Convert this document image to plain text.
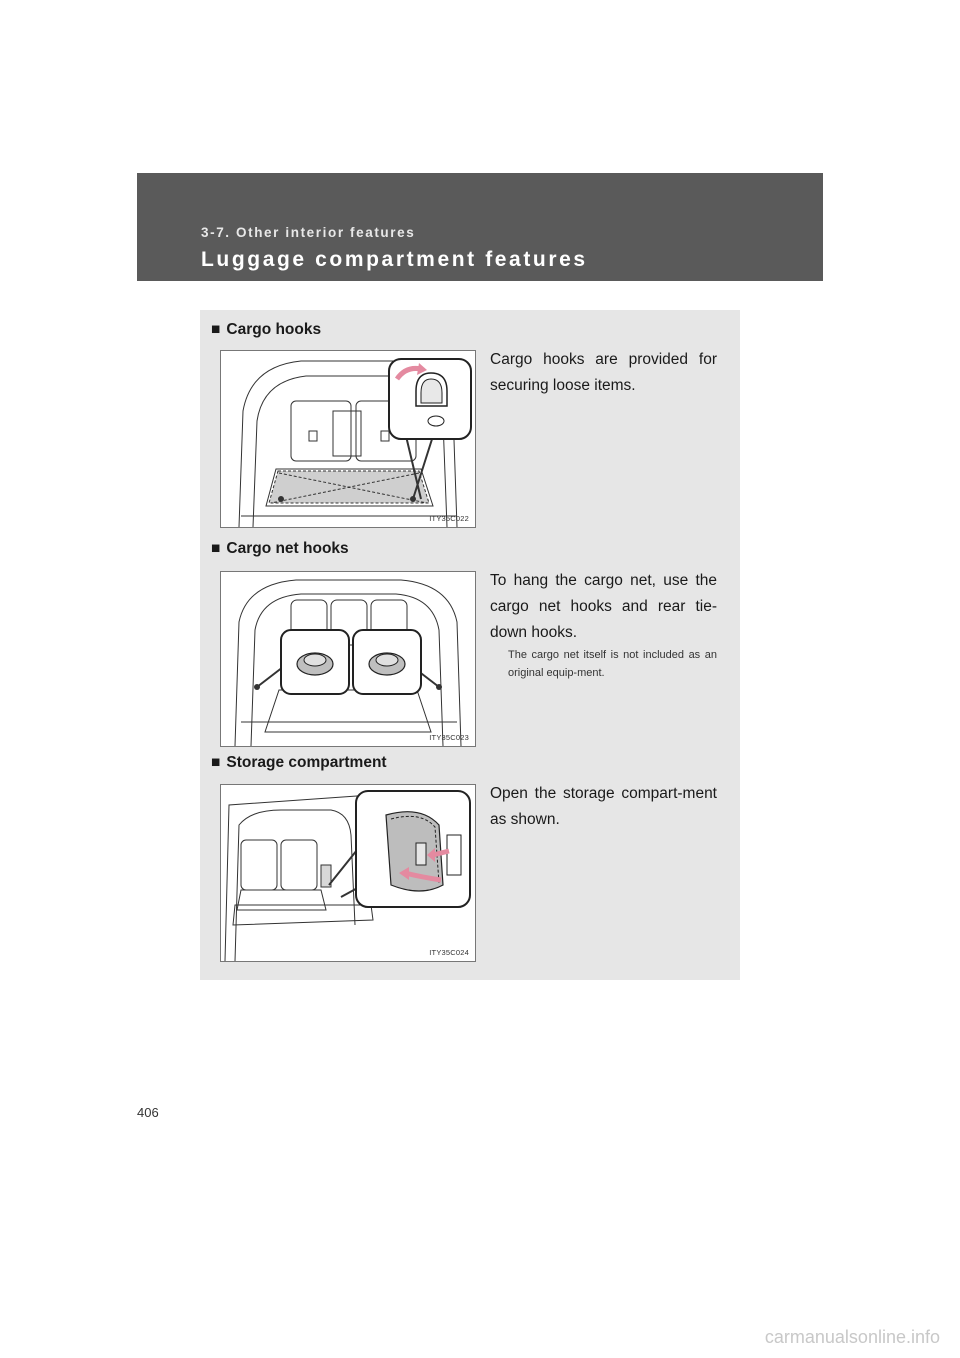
3-7. Other interior features
Luggage compartment features
■ Cargo hooks
ITY35C022
Cargo hooks are provided for securing loose items.
■ Cargo net hooks
ITY35C023
To hang the cargo net, use the cargo net hooks and rear tie-down hooks.
The cargo net itself is not included as an original equip-ment.
■ Storage compartment
ITY35C024
Open the storage compart-ment as shown.
406
carmanualsonline.info
